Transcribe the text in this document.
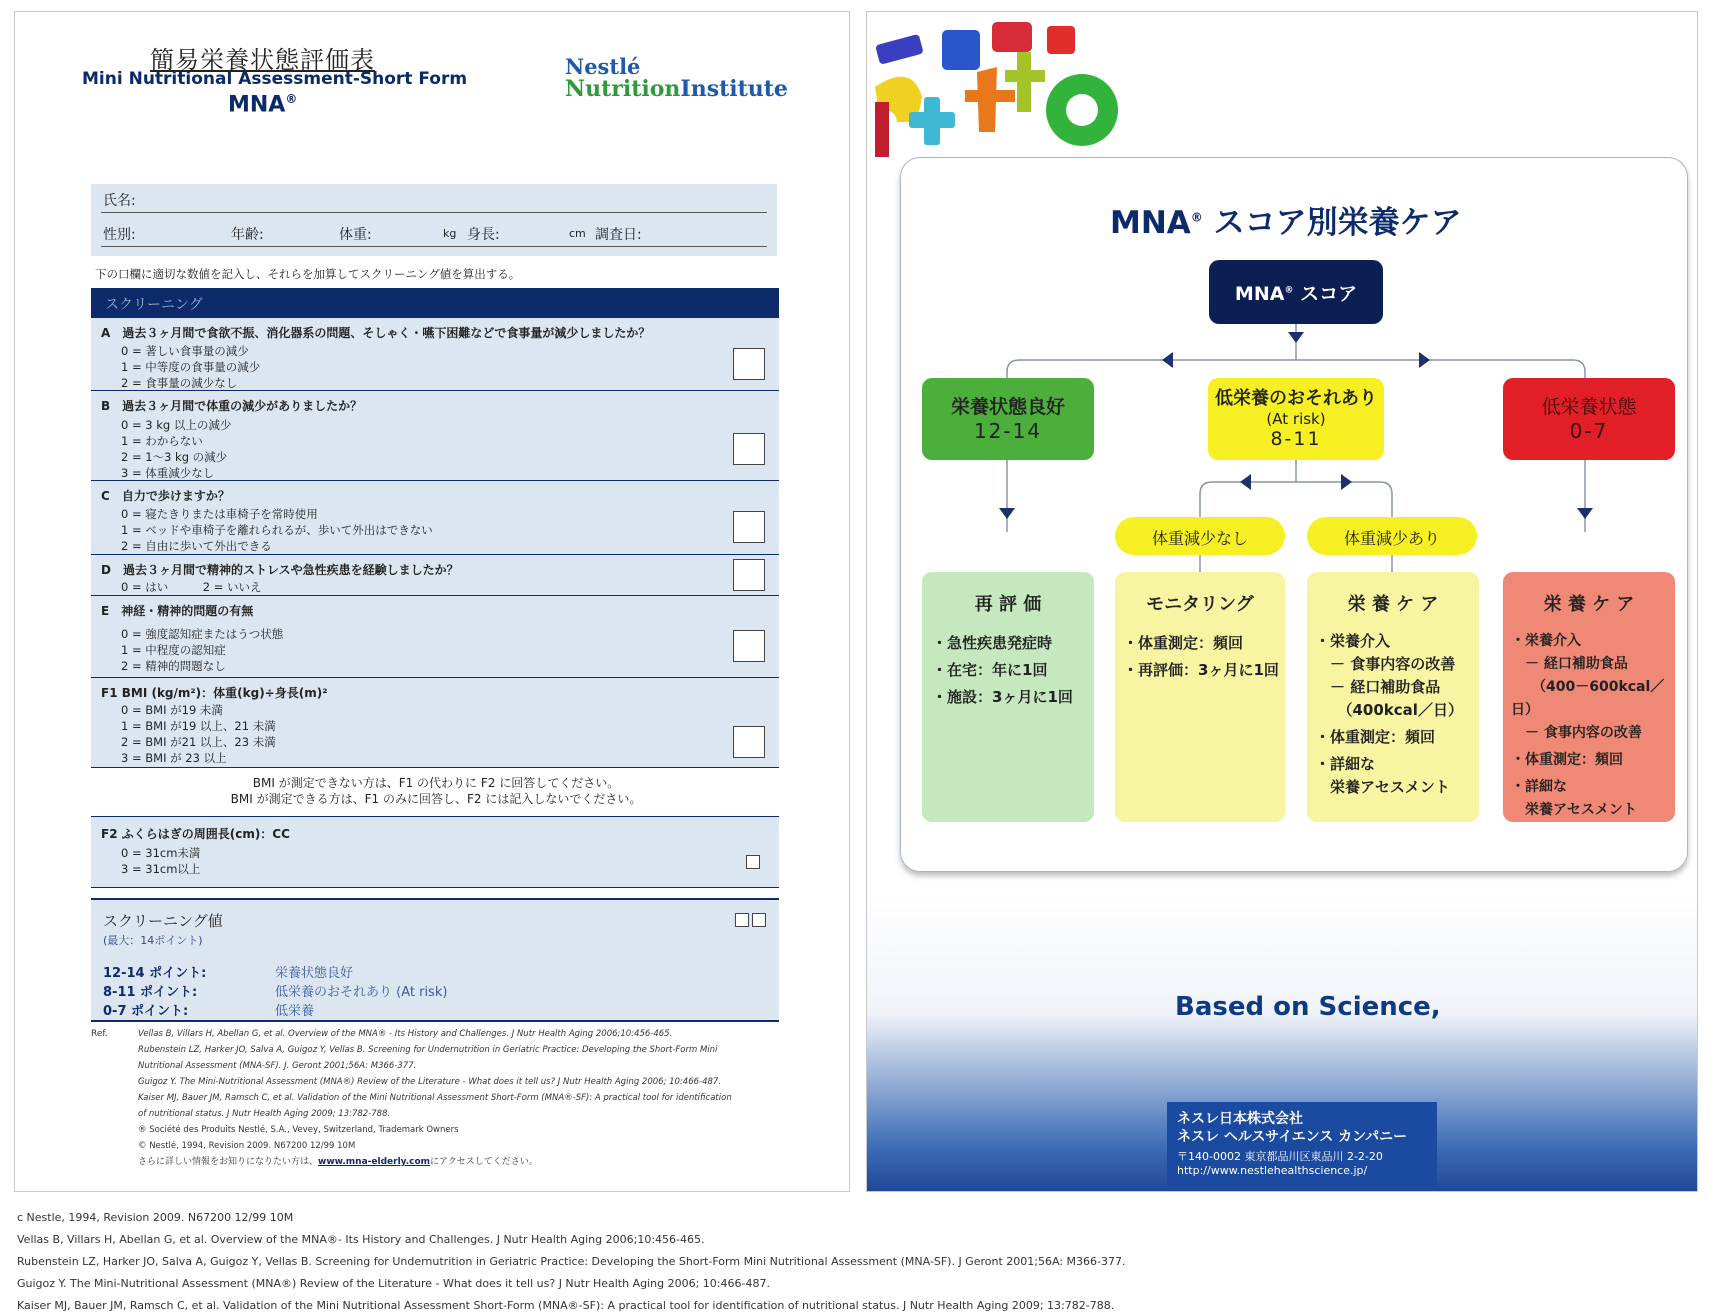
簡易栄養状態評価表
Mini Nutritional Assessment-Short Form
MNA®
Nestlé
NutritionInstitute
氏名:
性別:	年齢:	体重:	kg 身長:	cm 調査日:
下の口欄に適切な数値を記入し、それらを加算してスクリーニング値を算出する。
スクリーニング
A　 過去３ヶ月間で食欲不振、消化器系の問題、そしゃく・嚥下困難などで食事量が減少しましたか？
0 = 著しい食事量の減少
1 = 中等度の食事量の減少
2 = 食事量の減少なし
B　 過去３ヶ月間で体重の減少がありましたか？
0 = 3 kg 以上の減少
1 = わからない
2 = 1～3 kg の減少
3 = 体重減少なし
C　 自力で歩けますか？
0 = 寝たきりまたは車椅子を常時使用
1 = ベッドや車椅子を離れられるが、歩いて外出はできない
2 = 自由に歩いて外出できる
D　 過去３ヶ月間で精神的ストレスや急性疾患を経験しましたか？
0 = はい　　　2 = いいえ
E　 神経・精神的問題の有無
0 = 強度認知症またはうつ状態
1 = 中程度の認知症
2 = 精神的問題なし
F1 BMI (kg/m²)：体重(kg)÷身長(m)²
0 = BMI が19 未満
1 = BMI が19 以上、21 未満
2 = BMI が21 以上、23 未満
3 = BMI が 23 以上
BMI が測定できない方は、F1 の代わりに F2 に回答してください。
BMI が測定できる方は、F1 のみに回答し、F2 には記入しないでください。
F2 ふくらはぎの周囲長(cm)：CC
0 = 31cm未満
3 = 31cm以上
スクリーニング値
(最大：14ポイント)
12-14 ポイント:	栄養状態良好
8-11 ポイント:	低栄養のおそれあり (At risk)
0-7 ポイント:	低栄養
Ref.	Vellas B, Villars H, Abellan G, et al. Overview of the MNA® - Its History and Challenges. J Nutr Health Aging 2006;10:456-465.
Rubenstein LZ, Harker JO, Salva A, Guigoz Y, Vellas B. Screening for Undernutrition in Geriatric Practice: Developing the Short-Form Mini
Nutritional Assessment (MNA-SF). J. Geront 2001;56A: M366-377.
Guigoz Y. The Mini-Nutritional Assessment (MNA®) Review of the Literature - What does it tell us? J Nutr Health Aging 2006; 10:466-487.
Kaiser MJ, Bauer JM, Ramsch C, et al. Validation of the Mini Nutritional Assessment Short-Form (MNA®-SF): A practical tool for identification
of nutritional status. J Nutr Health Aging 2009; 13:782-788.
® Société des Produits Nestlé, S.A., Vevey, Switzerland, Trademark Owners
© Nestlé, 1994, Revision 2009. N67200 12/99 10M
さらに詳しい情報をお知りになりたい方は、www.mna-elderly.comにアクセスしてください。
MNA® スコア別栄養ケア
MNA® スコア
栄養状態良好
12-14
低栄養のおそれあり
(At risk)
8-11
低栄養状態
0-7
体重減少なし	体重減少あり
再 評 価
・急性疾患発症時
・在宅：年に1回
・施設：3ヶ月に1回
モニタリング
・体重測定：頻回
・再評価：3ヶ月に1回
栄 養 ケ ア
・栄養介入
　－ 食事内容の改善
　－ 経口補助食品
　　（400kcal／日）
・体重測定：頻回
・詳細な
　栄養アセスメント
栄 養 ケ ア
・栄養介入
　－ 経口補助食品
　　（400－600kcal／日）
　－ 食事内容の改善
・体重測定：頻回
・詳細な
　栄養アセスメント
Based on Science,
ネスレ日本株式会社
ネスレ ヘルスサイエンス カンパニー
〒140-0002 東京都品川区東品川 2-2-20
http://www.nestlehealthscience.jp/
c Nestle, 1994, Revision 2009. N67200 12/99 10M
Vellas B, Villars H, Abellan G, et al. Overview of the MNA®- Its History and Challenges. J Nutr Health Aging 2006;10:456-465.
Rubenstein LZ, Harker JO, Salva A, Guigoz Y, Vellas B. Screening for Undernutrition in Geriatric Practice: Developing the Short-Form Mini Nutritional Assessment (MNA-SF). J Geront 2001;56A: M366-377.
Guigoz Y. The Mini-Nutritional Assessment (MNA®) Review of the Literature - What does it tell us? J Nutr Health Aging 2006; 10:466-487.
Kaiser MJ, Bauer JM, Ramsch C, et al. Validation of the Mini Nutritional Assessment Short-Form (MNA®-SF): A practical tool for identification of nutritional status. J Nutr Health Aging 2009; 13:782-788.
